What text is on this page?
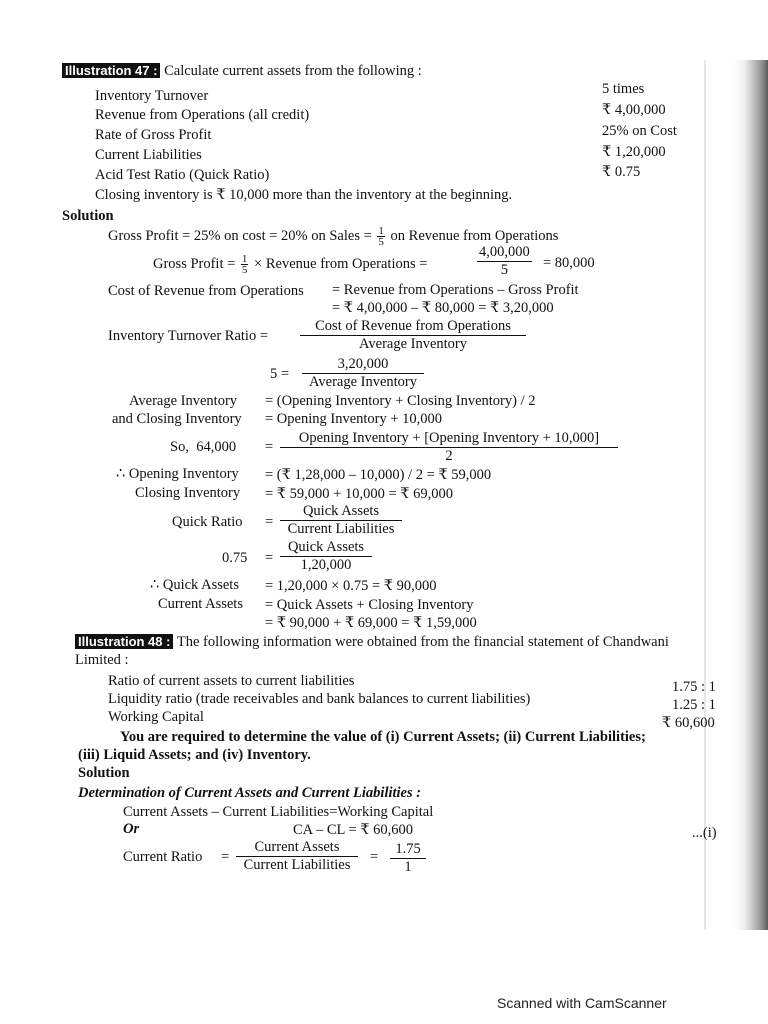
Illustration 47 : Calculate current assets from the following :
Inventory Turnover	5 times
Revenue from Operations (all credit)	₹ 4,00,000
Rate of Gross Profit	25% on Cost
Current Liabilities	₹ 1,20,000
Acid Test Ratio (Quick Ratio)	₹ 0.75
Closing inventory is ₹ 10,000 more than the inventory at the beginning.
Solution
Gross Profit = 25% on cost = 20% on Sales = $\frac{1}{5}$ on Revenue from Operations
Gross Profit = $\frac{1}{5}$ × Revenue from Operations =	$\frac{4,00,000}{5} = 80,000$
Cost of Revenue from Operations = Revenue from Operations – Gross Profit
= ₹ 4,00,000 – ₹ 80,000 = ₹ 3,20,000
Inventory Turnover Ratio =
Cost of Revenue from Operations
Average Inventory
5 =
3,20,000
Average Inventory
Average Inventory = (Opening Inventory + Closing Inventory) / 2
and Closing Inventory = Opening Inventory + 10,000
So, 64,000 =
Opening Inventory + [Opening Inventory + 10,000]
2
∴ Opening Inventory = (₹ 1,28,000 – 10,000) / 2 = ₹ 59,000
Closing Inventory = ₹ 59,000 + 10,000 = ₹ 69,000
Quick Ratio =
Quick Assets
Current Liabilities
0.75 =
Quick Assets
1,20,000
∴ Quick Assets = 1,20,000 × 0.75 = ₹ 90,000
Current Assets = Quick Assets + Closing Inventory
= ₹ 90,000 + ₹ 69,000 = ₹ 1,59,000
Illustration 48 : The following information were obtained from the financial statement of Chandwani
Limited :
Ratio of current assets to current liabilities	1.75 : 1
Liquidity ratio (trade receivables and bank balances to current liabilities)	1.25 : 1
Working Capital	₹ 60,600
You are required to determine the value of (i) Current Assets; (ii) Current Liabilities;
(iii) Liquid Assets; and (iv) Inventory.
Solution
Determination of Current Assets and Current Liabilities :
Current Assets – Current Liabilities=Working Capital
Or	CA – CL = ₹ 60,600	...(i)
Current Ratio =
Current Assets
Current Liabilities	= $\frac{1.75}{1}$
Scanned with CamScanner
